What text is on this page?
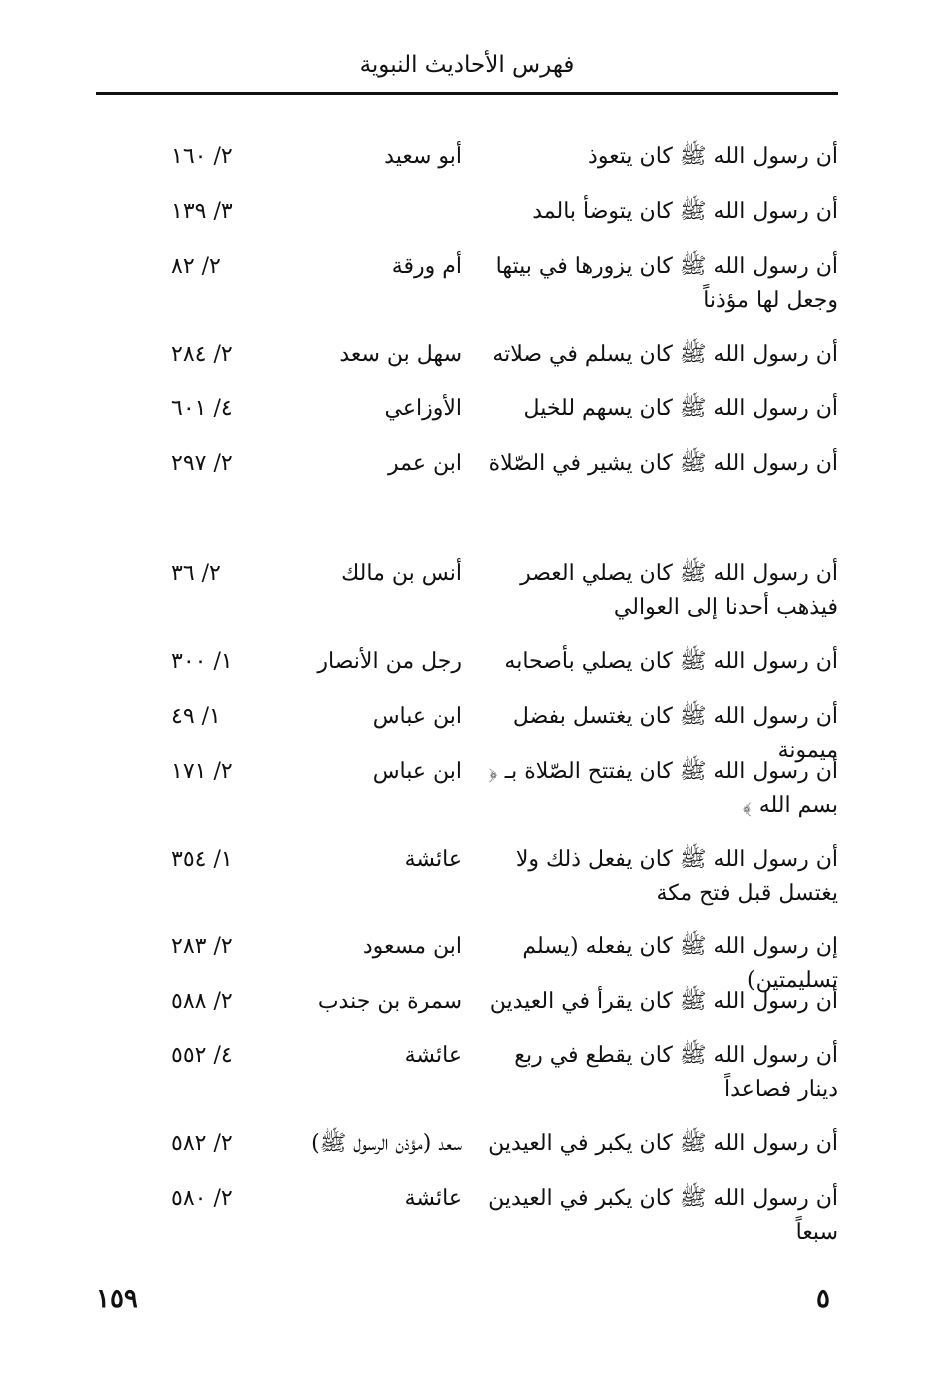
فهرس الأحاديث النبوية
أن رسول الله ﷺ كان يتعوذ
أبو سعيد
٢/ ١٦٠
أن رسول الله ﷺ كان يتوضأ بالمد
٣/ ١٣٩
أن رسول الله ﷺ كان يزورها في بيتها وجعل لها مؤذناً
أم ورقة
٢/ ٨٢
أن رسول الله ﷺ كان يسلم في صلاته
سهل بن سعد
٢/ ٢٨٤
أن رسول الله ﷺ كان يسهم للخيل
الأوزاعي
٤/ ٦٠١
أن رسول الله ﷺ كان يشير في الصّلاة
ابن عمر
٢/ ٢٩٧
أن رسول الله ﷺ كان يصلي العصر فيذهب أحدنا إلى العوالي
أنس بن مالك
٢/ ٣٦
أن رسول الله ﷺ كان يصلي بأصحابه
رجل من الأنصار
١/ ٣٠٠
أن رسول الله ﷺ كان يغتسل بفضل ميمونة
ابن عباس
١/ ٤٩
أن رسول الله ﷺ كان يفتتح الصّلاة بـ ﴿ بسم الله ﴾
ابن عباس
٢/ ١٧١
أن رسول الله ﷺ كان يفعل ذلك ولا يغتسل قبل فتح مكة
عائشة
١/ ٣٥٤
إن رسول الله ﷺ كان يفعله (يسلم تسليمتين)
ابن مسعود
٢/ ٢٨٣
أن رسول الله ﷺ كان يقرأ في العيدين
سمرة بن جندب
٢/ ٥٨٨
أن رسول الله ﷺ كان يقطع في ربع دينار فصاعداً
عائشة
٤/ ٥٥٢
أن رسول الله ﷺ كان يكبر في العيدين
سعد (مؤذن الرسول ﷺ)
٢/ ٥٨٢
أن رسول الله ﷺ كان يكبر في العيدين سبعاً
عائشة
٢/ ٥٨٠
١٥٩	٥
